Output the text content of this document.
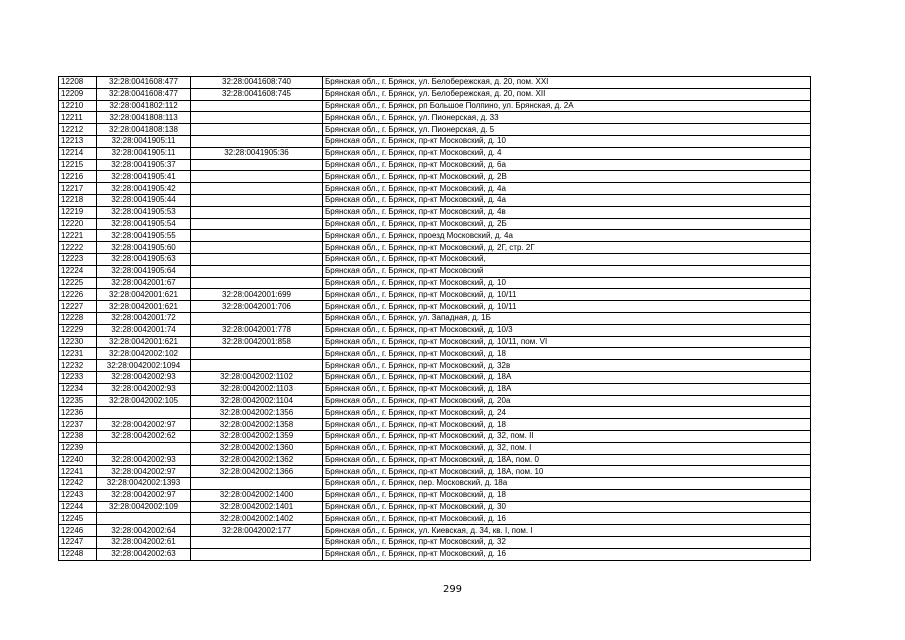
12208	32:28:0041608:477	32:28:0041608:740	Брянская обл., г. Брянск, ул. Белобережская, д. 20, пом. XXI
12209	32:28:0041608:477	32:28:0041608:745	Брянская обл., г. Брянск, ул. Белобережская, д. 20, пом. XII
12210	32:28:0041802:112		Брянская обл., г. Брянск, рп Большое Полпино, ул. Брянская, д. 2А
12211	32:28:0041808:113		Брянская обл., г. Брянск, ул. Пионерская, д. 33
12212	32:28:0041808:138		Брянская обл., г. Брянск, ул. Пионерская, д. 5
12213	32:28:0041905:11		Брянская обл., г. Брянск, пр-кт Московский, д. 10
12214	32:28:0041905:11	32:28:0041905:36	Брянская обл., г. Брянск, пр-кт Московский, д. 4
12215	32:28:0041905:37		Брянская обл., г. Брянск, пр-кт Московский, д. 6а
12216	32:28:0041905:41		Брянская обл., г. Брянск, пр-кт Московский, д. 2В
12217	32:28:0041905:42		Брянская обл., г. Брянск, пр-кт Московский, д. 4а
12218	32:28:0041905:44		Брянская обл., г. Брянск, пр-кт Московский, д. 4а
12219	32:28:0041905:53		Брянская обл., г. Брянск, пр-кт Московский, д. 4в
12220	32:28:0041905:54		Брянская обл., г. Брянск, пр-кт Московский, д. 2Б
12221	32:28:0041905:55		Брянская обл., г. Брянск, проезд Московский, д. 4а
12222	32:28:0041905:60		Брянская обл., г. Брянск, пр-кт Московский, д. 2Г, стр. 2Г
12223	32:28:0041905:63		Брянская обл., г. Брянск, пр-кт Московский,
12224	32:28:0041905:64		Брянская обл., г. Брянск, пр-кт Московский
12225	32:28:0042001:67		Брянская обл., г. Брянск, пр-кт Московский, д. 10
12226	32:28:0042001:621	32:28:0042001:699	Брянская обл., г. Брянск, пр-кт Московский, д. 10/11
12227	32:28:0042001:621	32:28:0042001:706	Брянская обл., г. Брянск, пр-кт Московский, д. 10/11
12228	32:28:0042001:72		Брянская обл., г. Брянск, ул. Западная, д. 1Б
12229	32:28:0042001:74	32:28:0042001:778	Брянская обл., г. Брянск, пр-кт Московский, д. 10/3
12230	32:28:0042001:621	32:28:0042001:858	Брянская обл., г. Брянск, пр-кт Московский, д. 10/11, пом. VI
12231	32:28:0042002:102		Брянская обл., г. Брянск, пр-кт Московский, д. 18
12232	32:28:0042002:1094		Брянская обл., г. Брянск, пр-кт Московский, д. 32в
12233	32:28:0042002:93	32:28:0042002:1102	Брянская обл., г. Брянск, пр-кт Московский, д. 18А
12234	32:28:0042002:93	32:28:0042002:1103	Брянская обл., г. Брянск, пр-кт Московский, д. 18А
12235	32:28:0042002:105	32:28:0042002:1104	Брянская обл., г. Брянск, пр-кт Московский, д. 20а
12236		32:28:0042002:1356	Брянская обл., г. Брянск, пр-кт Московский, д. 24
12237	32:28:0042002:97	32:28:0042002:1358	Брянская обл., г. Брянск, пр-кт Московский, д. 18
12238	32:28:0042002:62	32:28:0042002:1359	Брянская обл., г. Брянск, пр-кт Московский, д. 32, пом. II
12239		32:28:0042002:1360	Брянская обл., г. Брянск, пр-кт Московский, д. 32, пом. I
12240	32:28:0042002:93	32:28:0042002:1362	Брянская обл., г. Брянск, пр-кт Московский, д. 18А, пом. 0
12241	32:28:0042002:97	32:28:0042002:1366	Брянская обл., г. Брянск, пр-кт Московский, д. 18А, пом. 10
12242	32:28:0042002:1393		Брянская обл., г. Брянск, пер. Московский, д. 18а
12243	32:28:0042002:97	32:28:0042002:1400	Брянская обл., г. Брянск, пр-кт Московский, д. 18
12244	32:28:0042002:109	32:28:0042002:1401	Брянская обл., г. Брянск, пр-кт Московский, д. 30
12245		32:28:0042002:1402	Брянская обл., г. Брянск, пр-кт Московский, д. 16
12246	32:28:0042002:64	32:28:0042002:177	Брянская обл., г. Брянск, ул. Киевская, д. 34, кв. I, пом. I
12247	32:28:0042002:61		Брянская обл., г. Брянск, пр-кт Московский, д. 32
12248	32:28:0042002:63		Брянская обл., г. Брянск, пр-кт Московский, д. 16
299
